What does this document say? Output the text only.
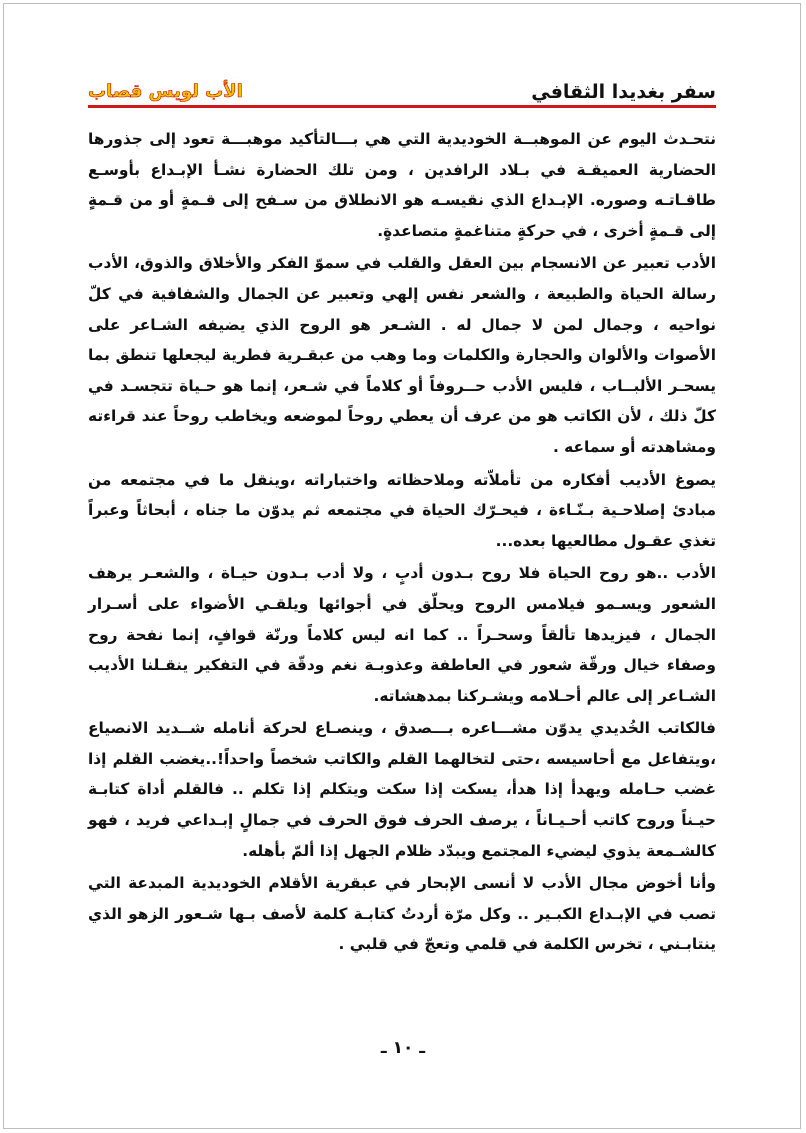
سفر بغديدا الثقافي
الأب لويس قصاب

نتحـدث اليوم عن الموهبــة الخوديدية التي هي بـــالتأكيد موهبـــة تعود إلى جذورها الحضارية العميقـة في بـلاد الرافدين ، ومن تلك الحضارة نشـأ الإبـداع بأوسـع طاقـاتـه وصوره. الإبـداع الذي نقيسـه هو الانطلاق من سـفح إلى قـمةٍ أو من قـمةٍ إلى قـمةٍ أخرى ، في حركةٍ متناغمةٍ متصاعدةٍ.

الأدب تعبير عن الانسجام بين العقل والقلب في سموّ الفكر والأخلاق والذوق، الأدب رسالة الحياة والطبيعة ، والشعر نفس إلهي وتعبير عن الجمال والشفافية في كلّ نواحيه ، وجمال لمن لا جمال له . الشـعر هو الروح الذي يضيفه الشـاعر على الأصوات والألوان والحجارة والكلمات وما وهب من عبقـرية فطرية ليجعلها تنطق بما يسحـر الألبــاب ، فليس الأدب حــروفاً أو كلاماً في شـعر، إنما هو حـياة تتجسـد في كلّ ذلك ، لأن الكاتب هو من عرف أن يعطي روحاً لموضعه ويخاطب روحاً عند قراءته ومشاهدته أو سماعه .

يصوغ الأديب أفكاره من تأملاّته وملاحظاته واختباراته ،وينقل ما في مجتمعه من مبادئ إصلاحـية بـنّـاءة ، فيحـرّك الحياة في مجتمعه ثم يدوّن ما جناه ، أبحاثاً وعبراً تغذي عقـول مطالعيها بعده...

الأدب ..هو روح الحياة فلا روح بـدون أدبٍ ، ولا أدب بـدون حيـاة ، والشعـر يرهف الشعور ويسـمو فيلامس الروح ويحلّق في أجوائها ويلقـي الأضواء على أسـرار الجمال ، فيزيدها تألقاً وسحـراً .. كما انه ليس كلاماً ورنّة قوافٍ، إنما نفحة روح وصفاء خيال ورقّة شعور في العاطفة وعذوبـة نغم ودقّة في التفكير ينقـلنا الأديب الشـاعر إلى عالم أحـلامه ويشـركنا بمدهشاته.

فالكاتب الخُديدي يدوّن مشـــاعره بـــصدق ، وينصـاع لحركة أنامله شــديد الانصياع ،ويتفاعل مع أحاسيسه ،حتى لتخالهما القلم والكاتب شخصاً واحداً!..يغضب القلم إذا غضب حـامله ويهدأ إذا هدأ، يسكت إذا سكت ويتكلم إذا تكلم .. فالقلم أداة كتابـة حيـناً وروح كاتب أحـيـاناً ، يرصف الحرف فوق الحرف في جمالٍ إبـداعي فريد ، فهو كالشـمعة يذوي ليضيء المجتمع ويبدّد ظلام الجهل إذا ألمّ بأهله.

وأنا أخوض مجال الأدب لا أنسى الإبحار في عبقرية الأقلام الخوديدية المبدعة التي تصب في الإبـداع الكبـير .. وكل مرّة أردتُ كتابـة كلمة لأصف بـها شـعور الزهو الذي ينتابـني ، تخرس الكلمة في قلمي وتعجّ في قلبي .

ـ ١٠ ـ
